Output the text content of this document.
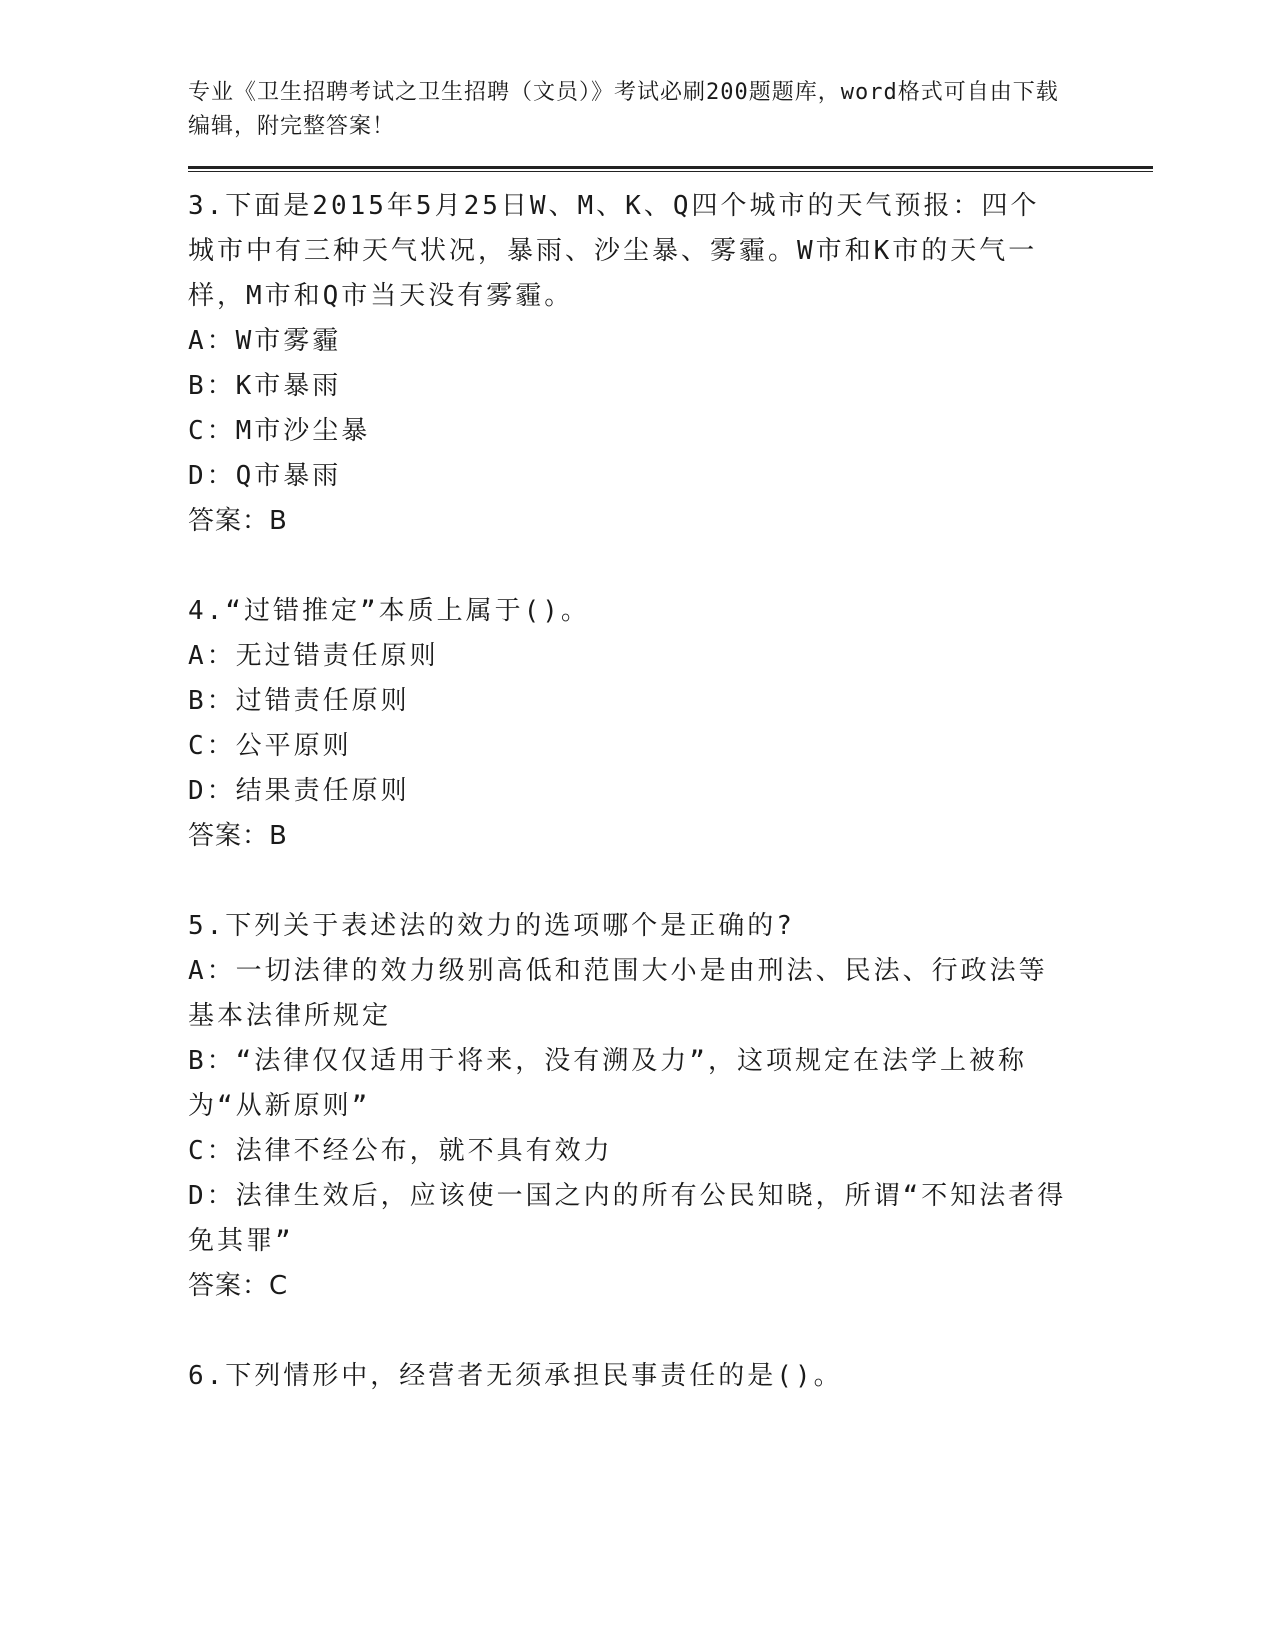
专业《卫生招聘考试之卫生招聘（文员）》考试必刷200题题库，word格式可自由下载编辑，附完整答案！

3.下面是2015年5月25日W、M、K、Q四个城市的天气预报：四个城市中有三种天气状况，暴雨、沙尘暴、雾霾。W市和K市的天气一样，M市和Q市当天没有雾霾。

A：W市雾霾

B：K市暴雨

C：M市沙尘暴

D：Q市暴雨

答案：B

4.“过错推定”本质上属于()。

A：无过错责任原则

B：过错责任原则

C：公平原则

D：结果责任原则

答案：B

5.下列关于表述法的效力的选项哪个是正确的?

A：一切法律的效力级别高低和范围大小是由刑法、民法、行政法等基本法律所规定

B：“法律仅仅适用于将来，没有溯及力”，这项规定在法学上被称为“从新原则”

C：法律不经公布，就不具有效力

D：法律生效后，应该使一国之内的所有公民知晓，所谓“不知法者得免其罪”

答案：C

6.下列情形中，经营者无须承担民事责任的是()。
